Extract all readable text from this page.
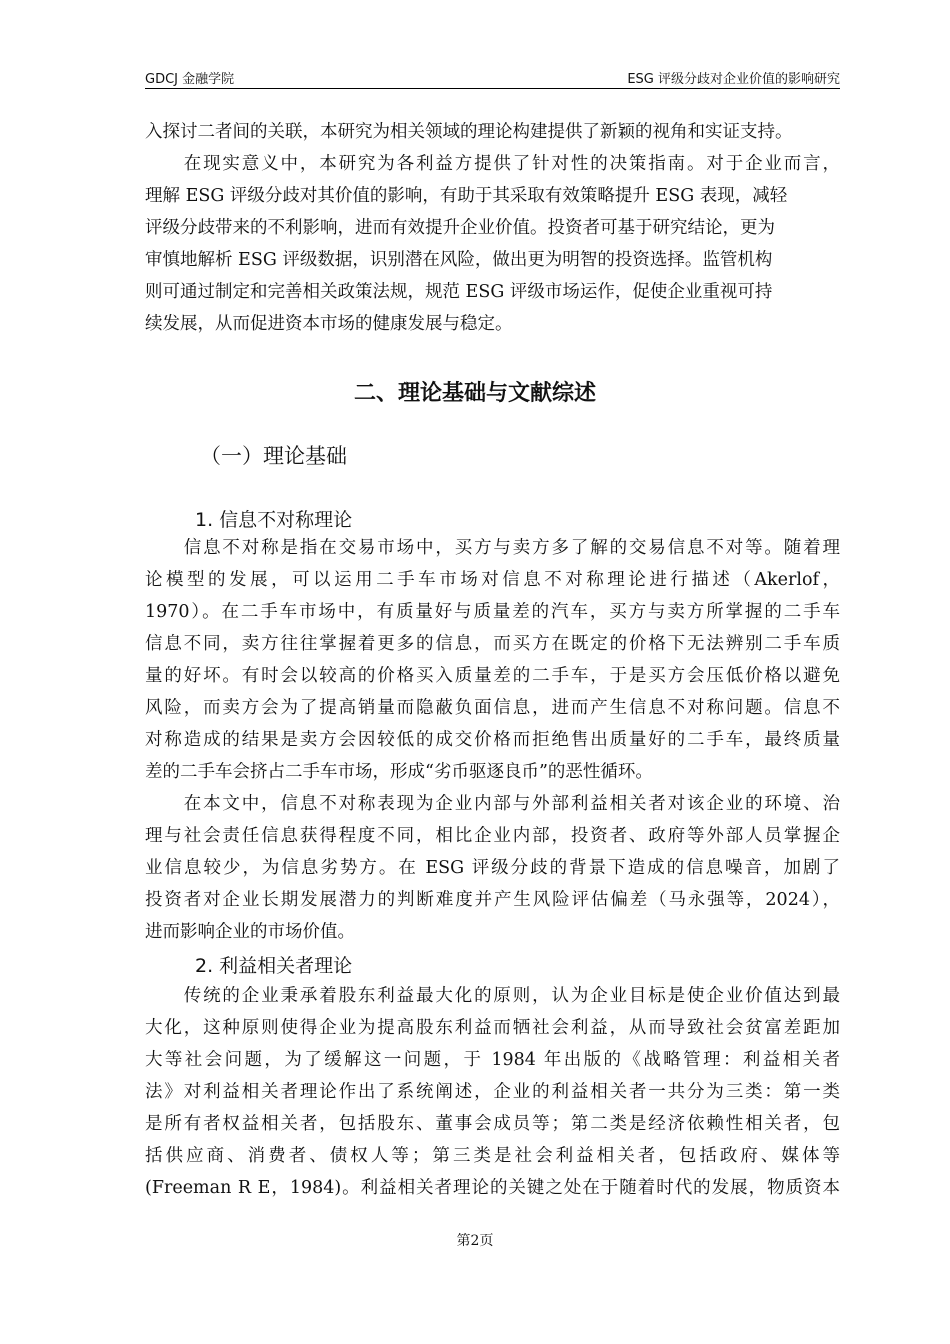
GDCJ 金融学院	ESG 评级分歧对企业价值的影响研究
入探讨二者间的关联，本研究为相关领域的理论构建提供了新颖的视角和实证支持。
　　在现实意义中，本研究为各利益方提供了针对性的决策指南。对于企业而言，
理解 ESG 评级分歧对其价值的影响，有助于其采取有效策略提升 ESG 表现，减轻
评级分歧带来的不利影响，进而有效提升企业价值。投资者可基于研究结论，更为
审慎地解析 ESG 评级数据，识别潜在风险，做出更为明智的投资选择。监管机构
则可通过制定和完善相关政策法规，规范 ESG 评级市场运作，促使企业重视可持
续发展，从而促进资本市场的健康发展与稳定。
二、理论基础与文献综述
（一）理论基础
1. 信息不对称理论
　　信息不对称是指在交易市场中，买方与卖方多了解的交易信息不对等。随着理
论模型的发展，可以运用二手车市场对信息不对称理论进行描述（Akerlof，
1970）。在二手车市场中，有质量好与质量差的汽车，买方与卖方所掌握的二手车
信息不同，卖方往往掌握着更多的信息，而买方在既定的价格下无法辨别二手车质
量的好坏。有时会以较高的价格买入质量差的二手车，于是买方会压低价格以避免
风险，而卖方会为了提高销量而隐蔽负面信息，进而产生信息不对称问题。信息不
对称造成的结果是卖方会因较低的成交价格而拒绝售出质量好的二手车，最终质量
差的二手车会挤占二手车市场，形成“劣币驱逐良币”的恶性循环。
　　在本文中，信息不对称表现为企业内部与外部利益相关者对该企业的环境、治
理与社会责任信息获得程度不同，相比企业内部，投资者、政府等外部人员掌握企
业信息较少，为信息劣势方。在 ESG 评级分歧的背景下造成的信息噪音，加剧了
投资者对企业长期发展潜力的判断难度并产生风险评估偏差（马永强等，2024），
进而影响企业的市场价值。
2. 利益相关者理论
　　传统的企业秉承着股东利益最大化的原则，认为企业目标是使企业价值达到最
大化，这种原则使得企业为提高股东利益而牺社会利益，从而导致社会贫富差距加
大等社会问题，为了缓解这一问题，于 1984 年出版的《战略管理：利益相关者
法》对利益相关者理论作出了系统阐述，企业的利益相关者一共分为三类：第一类
是所有者权益相关者，包括股东、董事会成员等；第二类是经济依赖性相关者，包
括供应商、消费者、债权人等；第三类是社会利益相关者，包括政府、媒体等
(Freeman R E，1984)。利益相关者理论的关键之处在于随着时代的发展，物质资本
第2页
